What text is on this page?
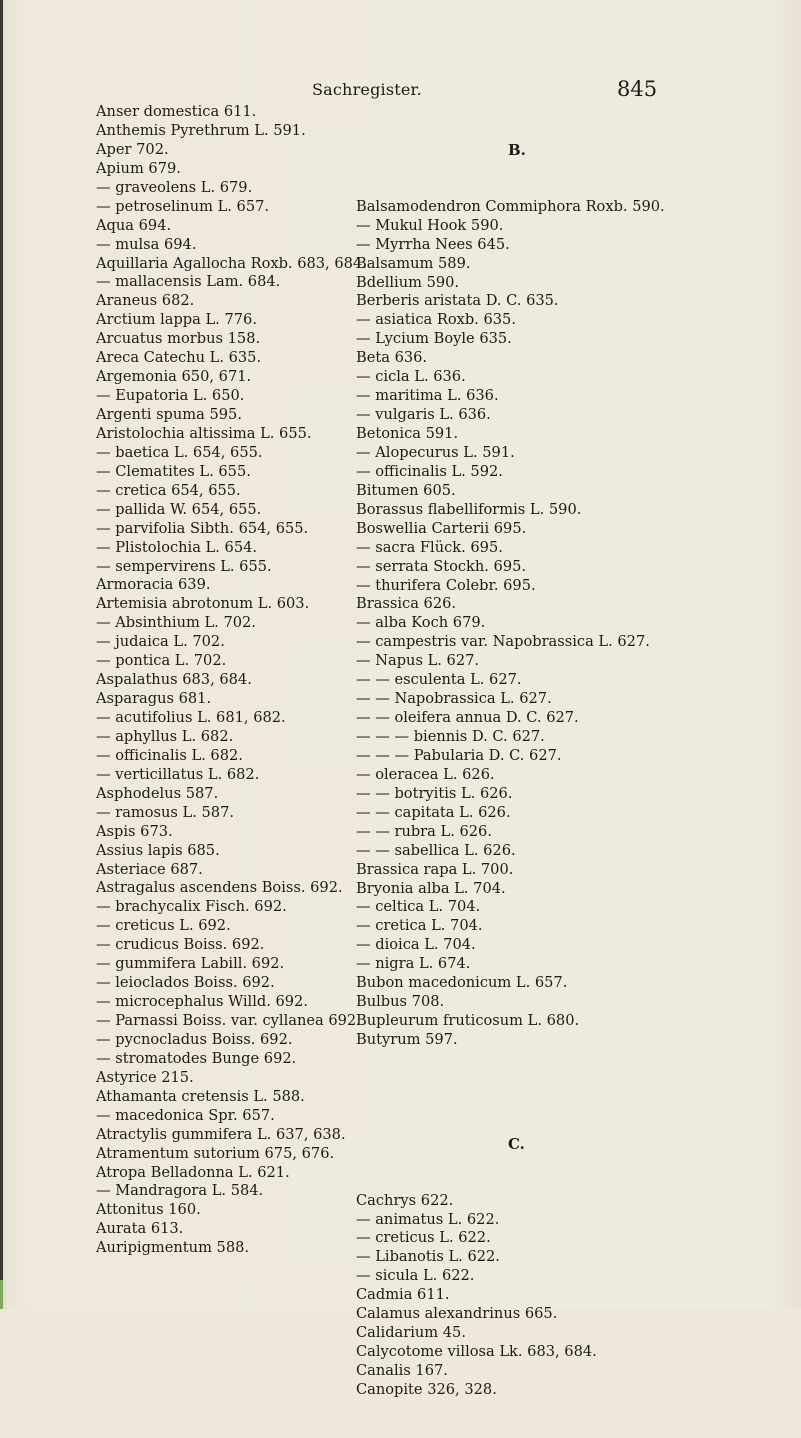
Sachregister.	845
Anser domestica 611.
Anthemis Pyrethrum L. 591.
Aper 702.
Apium 679.
— graveolens L. 679.
— petroselinum L. 657.
Aqua 694.
— mulsa 694.
Aquillaria Agallocha Roxb. 683, 684.
— mallacensis Lam. 684.
Araneus 682.
Arctium lappa L. 776.
Arcuatus morbus 158.
Areca Catechu L. 635.
Argemonia 650, 671.
— Eupatoria L. 650.
Argenti spuma 595.
Aristolochia altissima L. 655.
— baetica L. 654, 655.
— Clematites L. 655.
— cretica 654, 655.
— pallida W. 654, 655.
— parvifolia Sibth. 654, 655.
— Plistolochia L. 654.
— sempervirens L. 655.
Armoracia 639.
Artemisia abrotonum L. 603.
— Absinthium L. 702.
— judaica L. 702.
— pontica L. 702.
Aspalathus 683, 684.
Asparagus 681.
— acutifolius L. 681, 682.
— aphyllus L. 682.
— officinalis L. 682.
— verticillatus L. 682.
Asphodelus 587.
— ramosus L. 587.
Aspis 673.
Assius lapis 685.
Asteriace 687.
Astragalus ascendens Boiss. 692.
— brachycalix Fisch. 692.
— creticus L. 692.
— crudicus Boiss. 692.
— gummifera Labill. 692.
— leioclados Boiss. 692.
— microcephalus Willd. 692.
— Parnassi Boiss. var. cyllanea 692.
— pycnocladus Boiss. 692.
— stromatodes Bunge 692.
Astyrice 215.
Athamanta cretensis L. 588.
— macedonica Spr. 657.
Atractylis gummifera L. 637, 638.
Atramentum sutorium 675, 676.
Atropa Belladonna L. 621.
— Mandragora L. 584.
Attonitus 160.
Aurata 613.
Auripigmentum 588.

B.

Balsamodendron Commiphora Roxb. 590.
— Mukul Hook 590.
— Myrrha Nees 645.
Balsamum 589.
Bdellium 590.
Berberis aristata D. C. 635.
— asiatica Roxb. 635.
— Lycium Boyle 635.
Beta 636.
— cicla L. 636.
— maritima L. 636.
— vulgaris L. 636.
Betonica 591.
— Alopecurus L. 591.
— officinalis L. 592.
Bitumen 605.
Borassus flabelliformis L. 590.
Boswellia Carterii 695.
— sacra Flück. 695.
— serrata Stockh. 695.
— thurifera Colebr. 695.
Brassica 626.
— alba Koch 679.
— campestris var. Napobrassica L. 627.
— Napus L. 627.
— — esculenta L. 627.
— — Napobrassica L. 627.
— — oleifera annua D. C. 627.
— — — biennis D. C. 627.
— — — Pabularia D. C. 627.
— oleracea L. 626.
— — botryitis L. 626.
— — capitata L. 626.
— — rubra L. 626.
— — sabellica L. 626.
Brassica rapa L. 700.
Bryonia alba L. 704.
— celtica L. 704.
— cretica L. 704.
— dioica L. 704.
— nigra L. 674.
Bubon macedonicum L. 657.
Bulbus 708.
Bupleurum fruticosum L. 680.
Butyrum 597.

C.

Cachrys 622.
— animatus L. 622.
— creticus L. 622.
— Libanotis L. 622.
— sicula L. 622.
Cadmia 611.
Calamus alexandrinus 665.
Calidarium 45.
Calycotome villosa Lk. 683, 684.
Canalis 167.
Canopite 326, 328.
